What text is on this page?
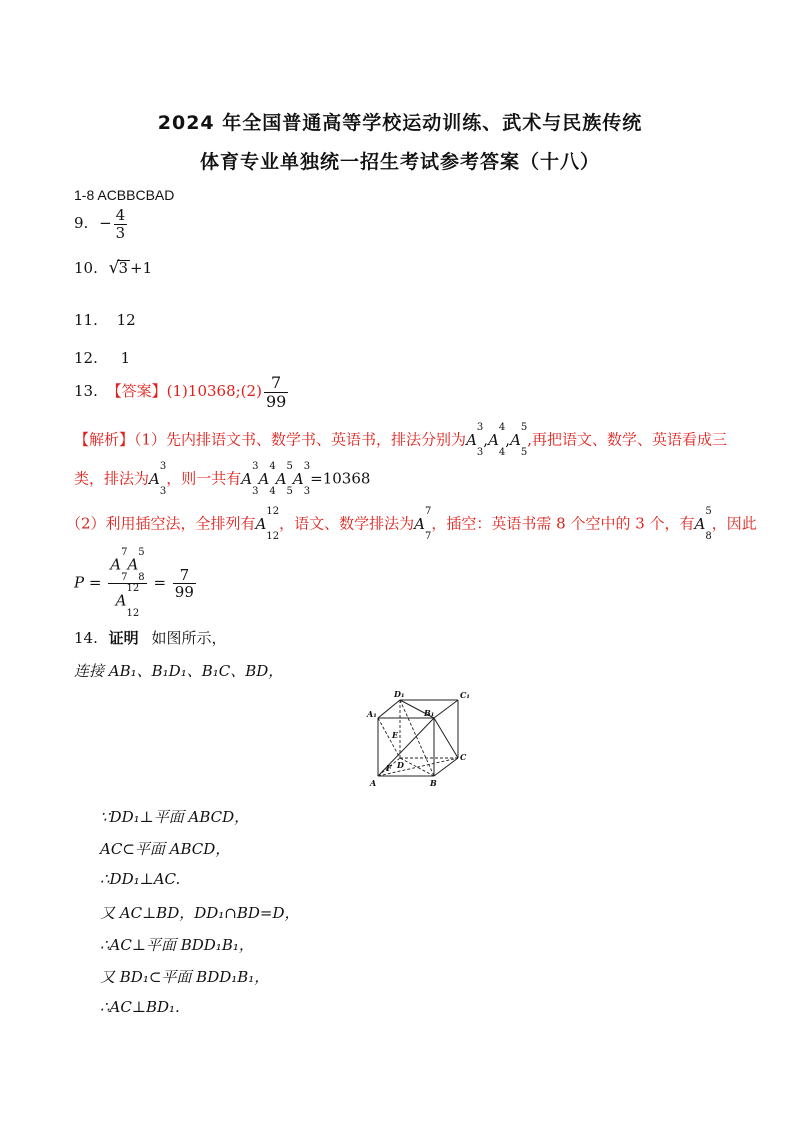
2024 年全国普通高等学校运动训练、武术与民族传统
体育专业单独统一招生考试参考答案（十八）
1-8 ACBBCBAD
9. − $\frac{4}{3}$
10. √3 +1
11. 12
12. 1
13. 【答案】(1)10368;(2) $\frac{7}{99}$
【解析】（1）先内排语文书、数学书、英语书，排法分别为$A^3$
$_3,A^4$
$_4,A^5$
$_5$,再把语文、数学、英语看成三
类，排法为$A^3$
$_3$，则一共有$A^3$
$_3A^4$
$_4A^5$
$_5A^3$
$_3$=10368
（2）利用插空法，全排列有$A^{12}$
$_{12}$，语文、数学排法为$A^7$
$_7$，插空：英语书需 8 个空中的 3 个，有$A^5$
$_8$，因此
P =
$A^7$
$_7A^5$
$_8$
$A^{12}$
$_{12}$
= $\frac{7}{99}$
14. 证明 如图所示，
连接 AB₁、B₁D₁、B₁C、BD，
D₁	C₁
A₁	B₁
E
F D
C
A	B
∵DD₁⊥平面 ABCD，
AC⊂平面 ABCD，
∴DD₁⊥AC.
又 AC⊥BD，DD₁∩BD=D，
∴AC⊥平面 BDD₁B₁，
又 BD₁⊂平面 BDD₁B₁，
∴AC⊥BD₁.
